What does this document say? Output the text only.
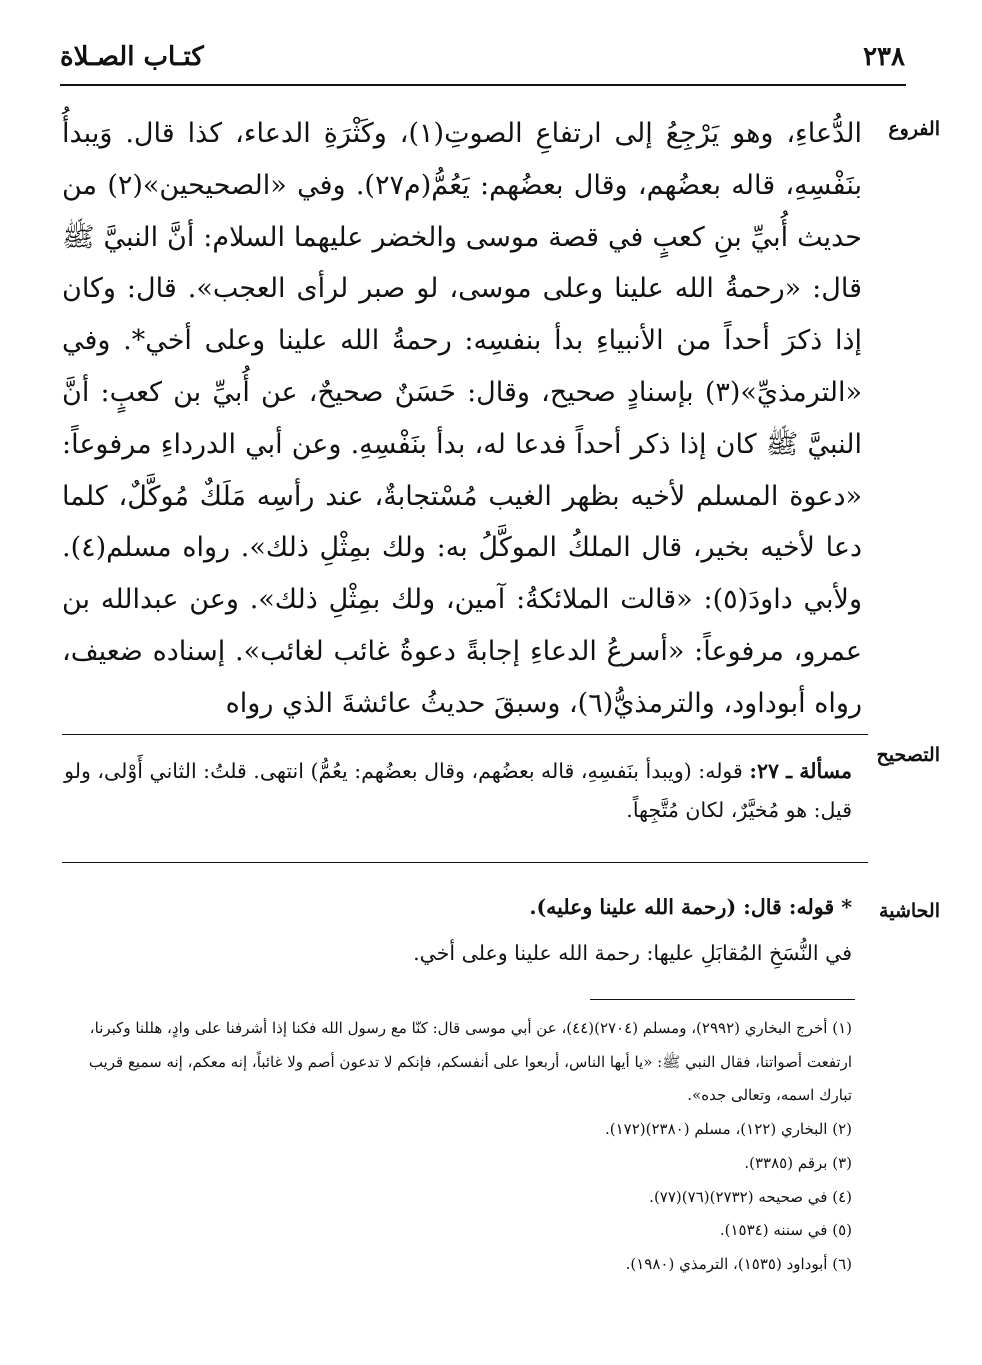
٢٣٨
كتـاب الصـلاة
الفروع

الدُّعاءِ، وهو يَرْجِعُ إلى ارتفاعِ الصوتِ(١)، وكَثْرَةِ الدعاء، كذا قال. وَيبدأُ بنَفْسِهِ، قاله بعضُهم، وقال بعضُهم: يَعُمُّ(م٢٧). وفي «الصحيحين»(٢) من حديث أُبيِّ بنِ كعبٍ في قصة موسى والخضر عليهما السلام: أنَّ النبيَّ ﷺ قال: «رحمةُ الله علينا وعلى موسى، لو صبر لرأى العجب». قال: وكان إذا ذكرَ أحداً من الأنبياءِ بدأ بنفسِه: رحمةُ الله علينا وعلى أخي*. وفي «الترمذيِّ»(٣) بإسنادٍ صحيح، وقال: حَسَنٌ صحيحٌ، عن أُبيِّ بن كعبٍ: أنَّ النبيَّ ﷺ كان إذا ذكر أحداً فدعا له، بدأ بنَفْسِهِ. وعن أبي الدرداءِ مرفوعاً: «دعوة المسلم لأخيه بظهر الغيب مُسْتجابةٌ، عند رأسِه مَلَكٌ مُوكَّلٌ، كلما دعا لأخيه بخير، قال الملكُ الموكَّلُ به: ولك بمِثْلِ ذلك». رواه مسلم(٤). ولأبي داودَ(٥): «قالت الملائكةُ: آمين، ولك بمِثْلِ ذلك». وعن عبدالله بن عمرو، مرفوعاً: «أسرعُ الدعاءِ إجابةً دعوةُ غائب لغائب». إسناده ضعيف، رواه أبوداود، والترمذيُّ(٦)، وسبقَ حديثُ عائشةَ الذي رواه

التصحيح

مسألة ـ ٢٧: قوله: (ويبدأ بنَفسِهِ، قاله بعضُهم، وقال بعضُهم: يعُمُّ) انتهى. قلتُ: الثاني أَوْلى، ولو قيل: هو مُخيَّرٌ، لكان مُتَّجِهاً.

الحاشية

* قوله: قال: (رحمة الله علينا وعليه).

في النُّسَخِ المُقابَلِ عليها: رحمة الله علينا وعلى أخي.

(١) أخرج البخاري (٢٩٩٢)، ومسلم (٢٧٠٤)(٤٤)، عن أبي موسى قال: كنّا مع رسول الله فكنا إذا أشرفنا على وادٍ، هللنا وكبرنا، ارتفعت أصواتنا، فقال النبي ﷺ: «يا أيها الناس، أربعوا على أنفسكم، فإنكم لا تدعون أصم ولا غائباً، إنه معكم، إنه سميع قريب تبارك اسمه، وتعالى جده».

(٢) البخاري (١٢٢)، مسلم (٢٣٨٠)(١٧٢).

(٣) برقم (٣٣٨٥).

(٤) في صحيحه (٢٧٣٢)(٧٦)(٧٧).

(٥) في سننه (١٥٣٤).

(٦) أبوداود (١٥٣٥)، الترمذي (١٩٨٠).
